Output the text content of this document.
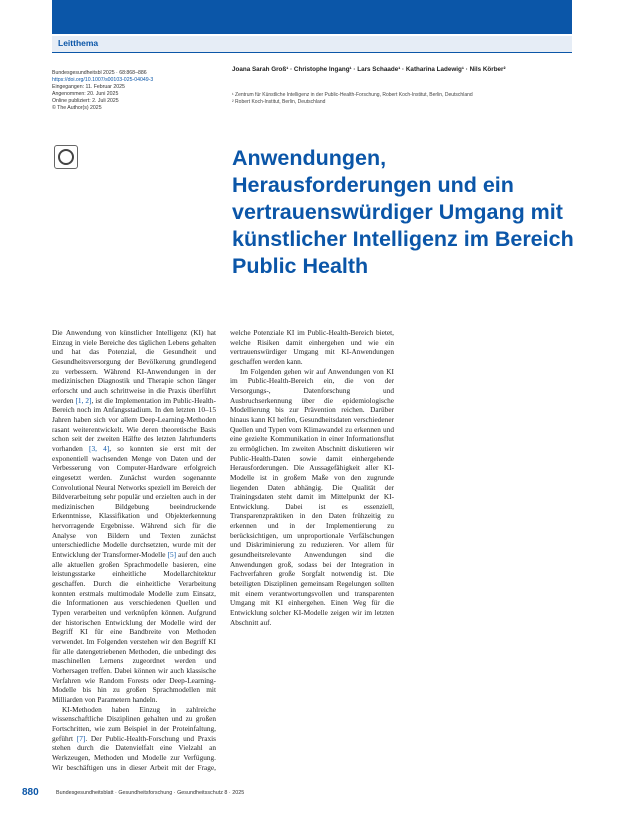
Leitthema
Bundesgesundheitsbl 2025 · 68:868–886
https://doi.org/10.1007/s00103-025-04049-3
Eingegangen: 11. Februar 2025
Angenommen: 20. Juni 2025
Online publiziert: 2. Juli 2025
© The Author(s) 2025
Joana Sarah Groß¹ · Christophe Ingang¹ · Lars Schaade¹ · Katharina Ladewig¹ · Nils Körber²
¹ Zentrum für Künstliche Intelligenz in der Public-Health-Forschung, Robert Koch-Institut, Berlin, Deutschland
² Robert Koch-Institut, Berlin, Deutschland
Anwendungen, Herausforderungen und ein vertrauenswürdiger Umgang mit künstlicher Intelligenz im Bereich Public Health

Die Anwendung von künstlicher Intelligenz (KI) hat Einzug in viele Bereiche des täglichen Lebens gehalten und hat das Potenzial, die Gesundheit und Gesundheitsversorgung der Bevölkerung grundlegend zu verbessern. Während KI-Anwendungen in der medizinischen Diagnostik und Therapie schon länger erforscht und auch schrittweise in die Praxis überführt werden [1, 2], ist die Implementation im Public-Health-Bereich noch im Anfangsstadium. In den letzten 10–15 Jahren haben sich vor allem Deep-Learning-Methoden rasant weiterentwickelt. Wie deren theoretische Basis schon seit der zweiten Hälfte des letzten Jahrhunderts vorhanden [3, 4], so konnten sie erst mit der exponentiell wachsenden Menge von Daten und der Verbesserung von Computer-Hardware erfolgreich eingesetzt werden. Zunächst wurden sogenannte Convolutional Neural Networks speziell im Bereich der Bildverarbeitung sehr populär und erzielten auch in der medizinischen Bildgebung beeindruckende Erkenntnisse, Klassifikation und Objekterkennung hervorragende Ergebnisse. Während sich für die Analyse von Bildern und Texten zunächst unterschiedliche Modelle durchsetzten, wurde mit der Entwicklung der Transformer-Modelle [5] auf den auch alle aktuellen großen Sprachmodelle basieren, eine leistungsstarke einheitliche Modellarchitektur geschaffen. Durch die einheitliche Verarbeitung konnten erstmals multimodale Modelle zum Einsatz, die Informationen aus verschiedenen Quellen und Typen verarbeiten und verknüpfen können. Aufgrund der historischen Entwicklung der Modelle wird der Begriff KI für eine Bandbreite von Methoden verwendet. Im Folgenden verstehen wir den Begriff KI für alle datengetriebenen Methoden, die unbedingt des maschinellen Lernens zugeordnet werden und Vorhersagen treffen. Dabei können wir auch klassische Verfahren wie Random Forests oder Deep-Learning-Modelle bis hin zu großen Sprachmodellen mit Milliarden von Parametern handeln.

KI-Methoden haben Einzug in zahlreiche wissenschaftliche Disziplinen gehalten und zu großen Fortschritten, wie zum Beispiel in der Proteinfaltung, geführt [7]. Der Public-Health-Forschung und Praxis stehen durch die Datenvielfalt eine Vielzahl an Werkzeugen, Methoden und Modelle zur Verfügung. Wir beschäftigen uns in dieser Arbeit mit der Frage, welche Potenziale KI im Public-Health-Bereich bietet, welche Risiken damit einhergehen und wie ein vertrauenswürdiger Umgang mit KI-Anwendungen geschaffen werden kann.

Im Folgenden gehen wir auf Anwendungen von KI im Public-Health-Bereich ein, die von der Versorgungs-, Datenforschung und Ausbruchserkennung über die epidemiologische Modellierung bis zur Prävention reichen. Darüber hinaus kann KI helfen, Gesundheitsdaten verschiedener Quellen und Typen vom Klimawandel zu erkennen und eine gezielte Kommunikation in einer Informationsflut zu ermöglichen. Im zweiten Abschnitt diskutieren wir Public-Health-Daten sowie damit einhergehende Herausforderungen. Die Aussagefähigkeit aller KI-Modelle ist in großem Maße von den zugrunde liegenden Daten abhängig. Die Qualität der Trainingsdaten steht damit im Mittelpunkt der KI-Entwicklung. Dabei ist es essenziell, Transparenzpraktiken in den Daten frühzeitig zu erkennen und in der Implementierung zu berücksichtigen, um unproportionale Verfälschungen und Diskriminierung zu reduzieren. Vor allem für gesundheitsrelevante Anwendungen sind die Anwendungen groß, sodass bei der Integration in Fachverfahren große Sorgfalt notwendig ist. Die beteiligten Disziplinen gemeinsam Regelungen sollten mit einem verantwortungsvollen und transparenten Umgang mit KI einhergehen. Einen Weg für die Entwicklung solcher KI-Modelle zeigen wir im letzten Abschnitt auf.

880	Bundesgesundheitsblatt · Gesundheitsforschung · Gesundheitsschutz 8 · 2025
